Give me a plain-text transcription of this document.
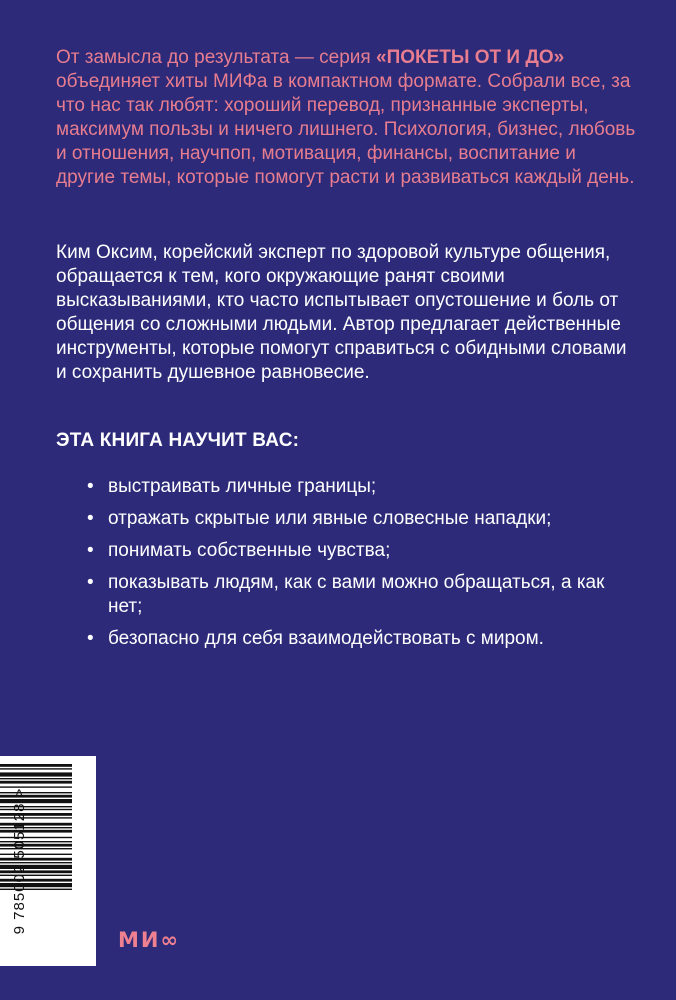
От замысла до результата — серия «ПОКЕТЫ ОТ И ДО» объединяет хиты МИФа в компактном формате. Собрали все, за что нас так любят: хороший перевод, признанные эксперты, максимум пользы и ничего лишнего. Психология, бизнес, любовь и отношения, научпоп, мотивация, финансы, воспитание и другие темы, которые помогут расти и развиваться каждый день.

Ким Оксим, корейский эксперт по здоровой культуре общения, обращается к тем, кого окружающие ранят своими высказываниями, кто часто испытывает опустошение и боль от общения со сложными людьми. Автор предлагает действенные инструменты, которые помогут справиться с обидными словами и сохранить душевное равновесие.

ЭТА КНИГА НАУЧИТ ВАС:

• выстраивать личные границы;
• отражать скрытые или явные словесные нападки;
• понимать собственные чувства;
• показывать людям, как с вами можно обращаться, а как нет;
• безопасно для себя взаимодействовать с миром.
9 785002 505128 >
МИ∞
